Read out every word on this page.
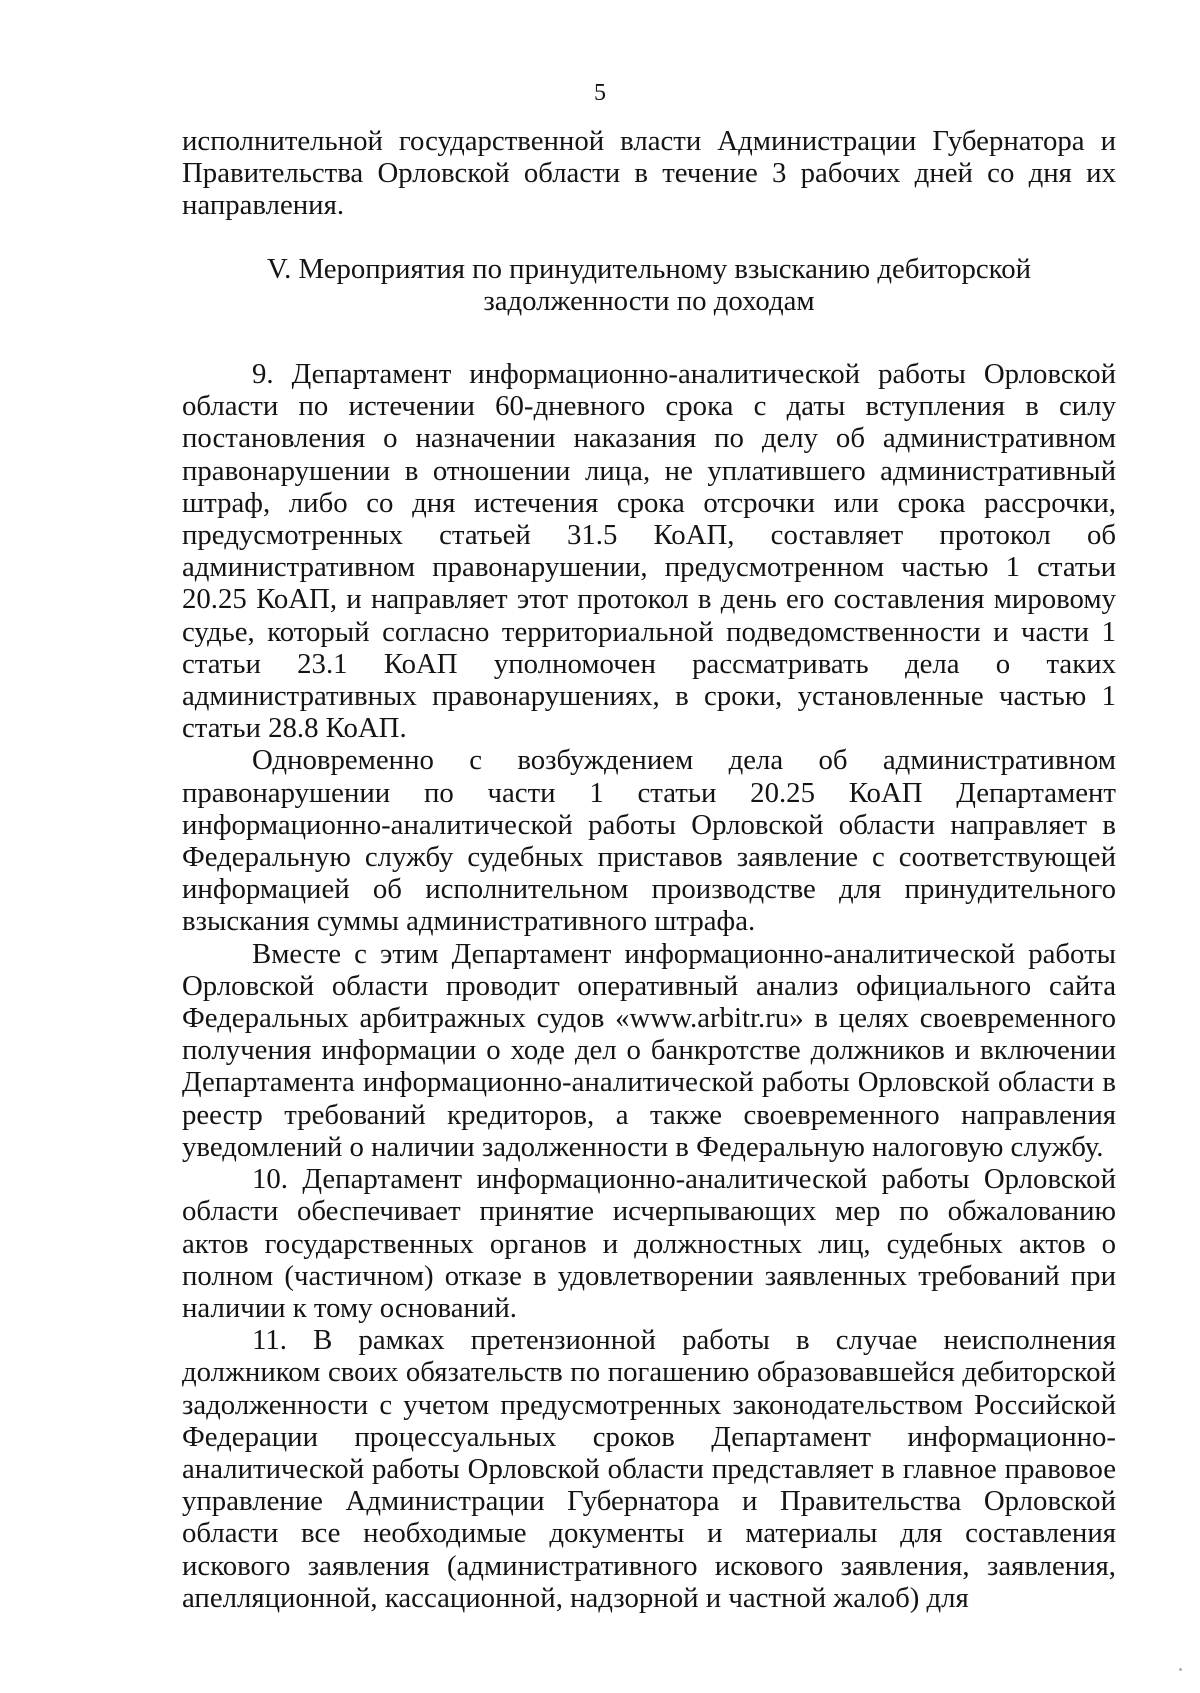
5

исполнительной государственной власти Администрации Губернатора и Правительства Орловской области в течение 3 рабочих дней со дня их направления.

V. Мероприятия по принудительному взысканию дебиторской
задолженности по доходам

9. Департамент информационно-аналитической работы Орловской области по истечении 60-дневного срока с даты вступления в силу постановления о назначении наказания по делу об административном правонарушении в отношении лица, не уплатившего административный штраф, либо со дня истечения срока отсрочки или срока рассрочки, предусмотренных статьей 31.5 КоАП, составляет протокол об административном правонарушении, предусмотренном частью 1 статьи 20.25 КоАП, и направляет этот протокол в день его составления мировому судье, который согласно территориальной подведомственности и части 1 статьи 23.1 КоАП уполномочен рассматривать дела о таких административных правонарушениях, в сроки, установленные частью 1 статьи 28.8 КоАП.

Одновременно с возбуждением дела об административном правонарушении по части 1 статьи 20.25 КоАП Департамент информационно-аналитической работы Орловской области направляет в Федеральную службу судебных приставов заявление с соответствующей информацией об исполнительном производстве для принудительного взыскания суммы административного штрафа.

Вместе с этим Департамент информационно-аналитической работы Орловской области проводит оперативный анализ официального сайта Федеральных арбитражных судов «www.arbitr.ru» в целях своевременного получения информации о ходе дел о банкротстве должников и включении Департамента информационно-аналитической работы Орловской области в реестр требований кредиторов, а также своевременного направления уведомлений о наличии задолженности в Федеральную налоговую службу.

10. Департамент информационно-аналитической работы Орловской области обеспечивает принятие исчерпывающих мер по обжалованию актов государственных органов и должностных лиц, судебных актов о полном (частичном) отказе в удовлетворении заявленных требований при наличии к тому оснований.

11. В рамках претензионной работы в случае неисполнения должником своих обязательств по погашению образовавшейся дебиторской задолженности с учетом предусмотренных законодательством Российской Федерации процессуальных сроков Департамент информационно-аналитической работы Орловской области представляет в главное правовое управление Администрации Губернатора и Правительства Орловской области все необходимые документы и материалы для составления искового заявления (административного искового заявления, заявления, апелляционной, кассационной, надзорной и частной жалоб) для
